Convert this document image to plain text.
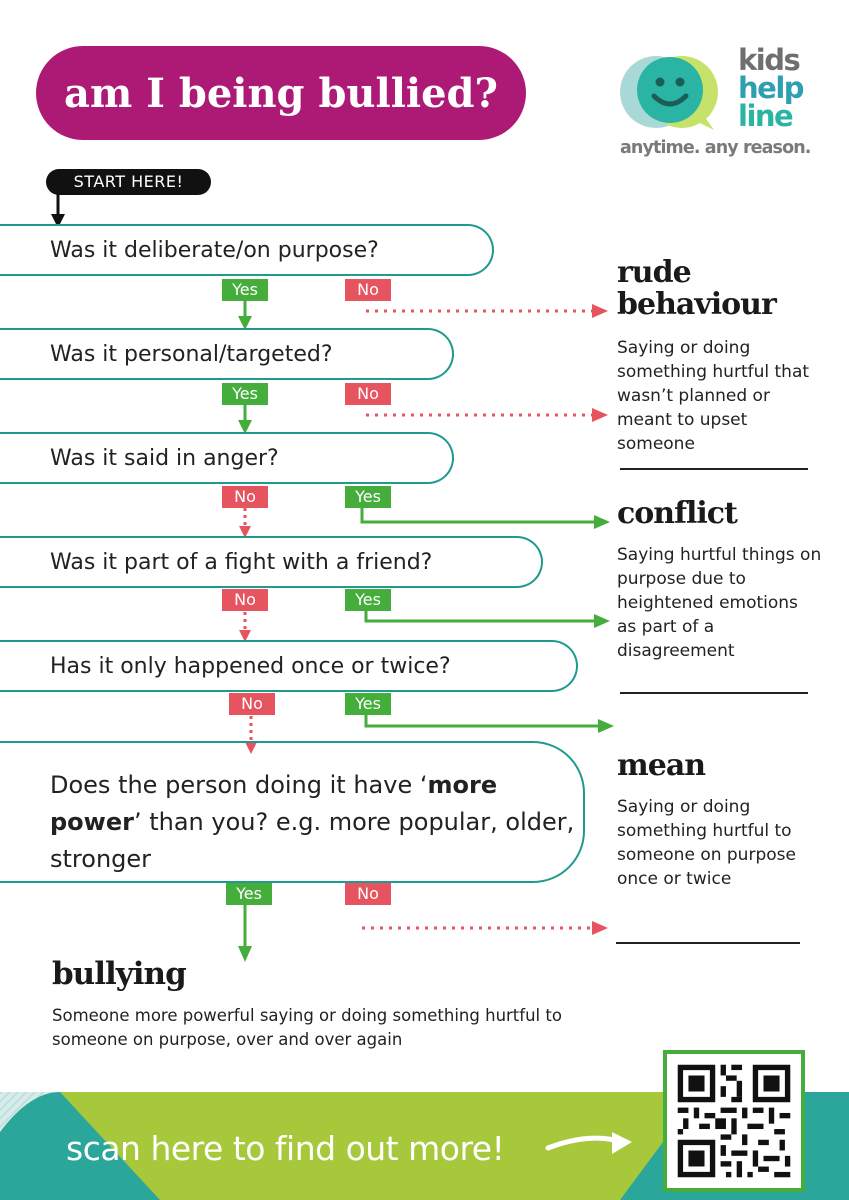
am I being bullied?
kids
help
line
anytime. any reason.
START HERE!
Was it deliberate/on purpose?
Was it personal/targeted?
Was it said in anger?
Was it part of a fight with a friend?
Has it only happened once or twice?
Does the person doing it have ‘more power’ than you? e.g. more popular, older, stronger
Yes	No
Yes	No
No	Yes
No	Yes
No	Yes
Yes	No
rude behaviour
Saying or doing something hurtful that wasn’t planned or meant to upset someone
conflict
Saying hurtful things on purpose due to heightened emotions as part of a disagreement
mean
Saying or doing something hurtful to someone on purpose once or twice
bullying
Someone more powerful saying or doing something hurtful to someone on purpose, over and over again
scan here to find out more!
